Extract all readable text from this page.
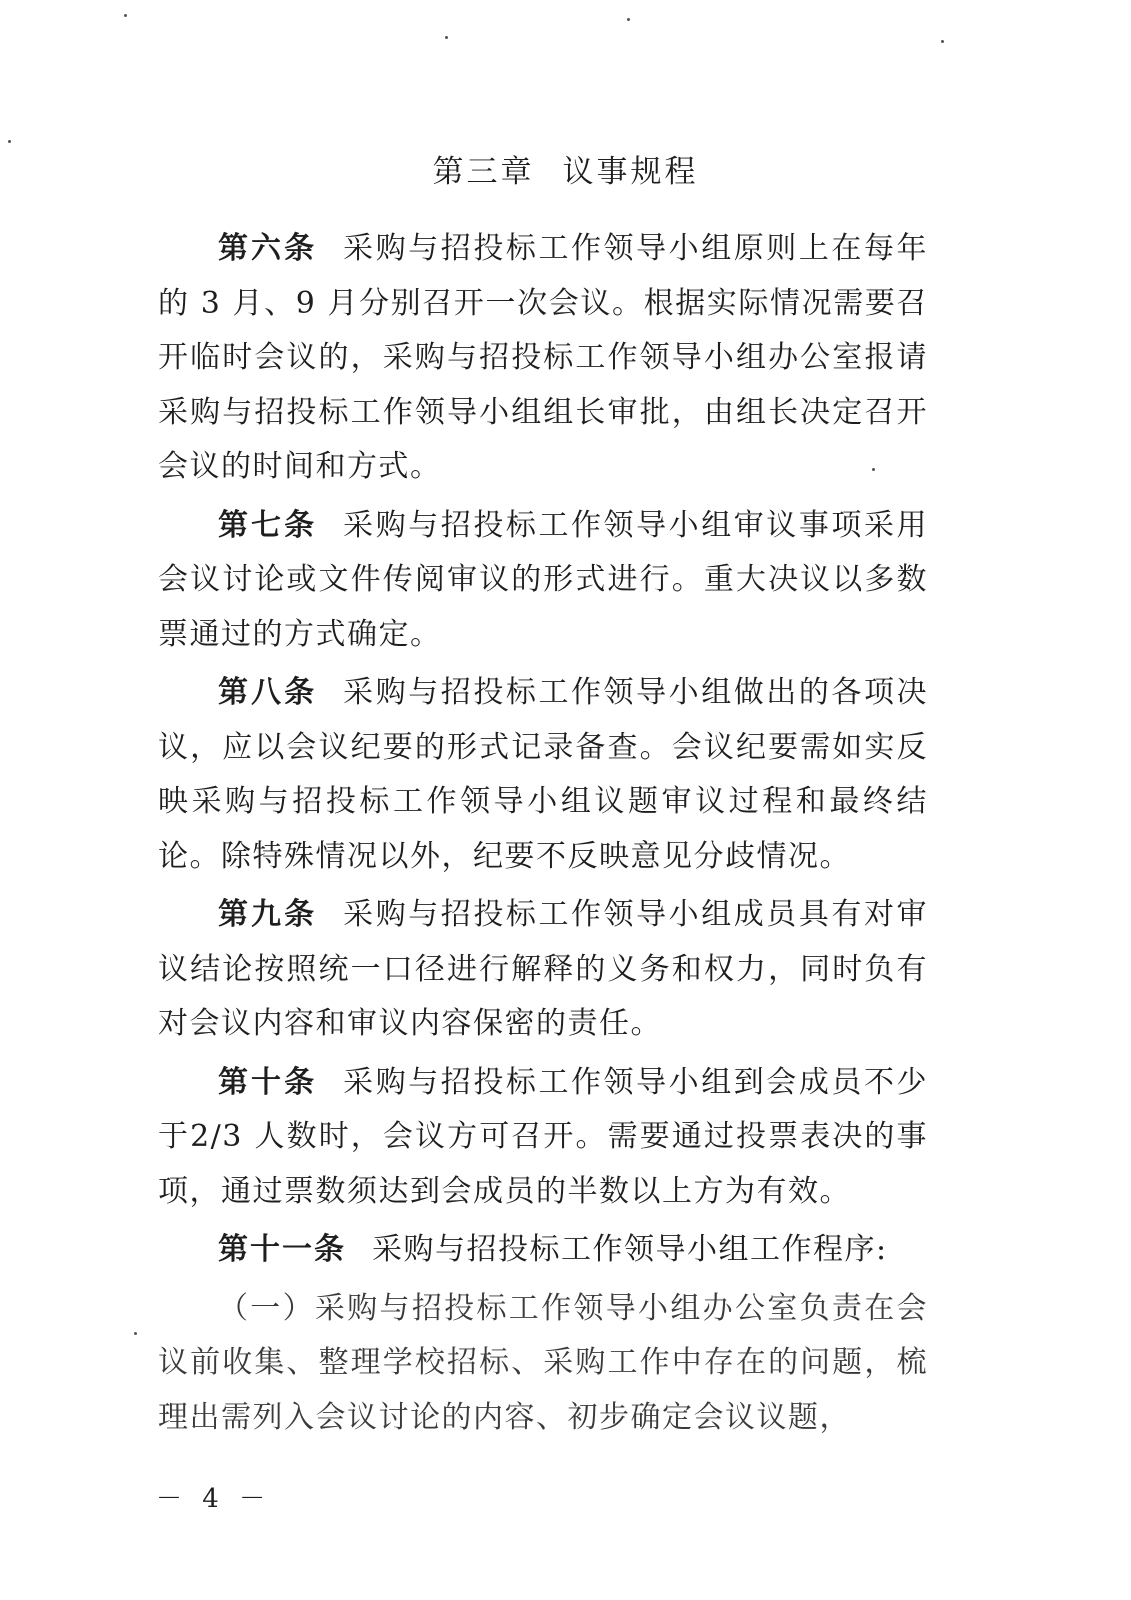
第三章 议事规程

第六条 采购与招投标工作领导小组原则上在每年的 3 月、9 月分别召开一次会议。根据实际情况需要召开临时会议的，采购与招投标工作领导小组办公室报请采购与招投标工作领导小组组长审批，由组长决定召开会议的时间和方式。

第七条 采购与招投标工作领导小组审议事项采用会议讨论或文件传阅审议的形式进行。重大决议以多数票通过的方式确定。

第八条 采购与招投标工作领导小组做出的各项决议，应以会议纪要的形式记录备查。会议纪要需如实反映采购与招投标工作领导小组议题审议过程和最终结论。除特殊情况以外，纪要不反映意见分歧情况。

第九条 采购与招投标工作领导小组成员具有对审议结论按照统一口径进行解释的义务和权力，同时负有对会议内容和审议内容保密的责任。

第十条 采购与招投标工作领导小组到会成员不少于2/3 人数时，会议方可召开。需要通过投票表决的事项，通过票数须达到会成员的半数以上方为有效。

第十一条 采购与招投标工作领导小组工作程序:

（一）采购与招投标工作领导小组办公室负责在会议前收集、整理学校招标、采购工作中存在的问题，梳理出需列入会议讨论的内容、初步确定会议议题，

－ 4 －
